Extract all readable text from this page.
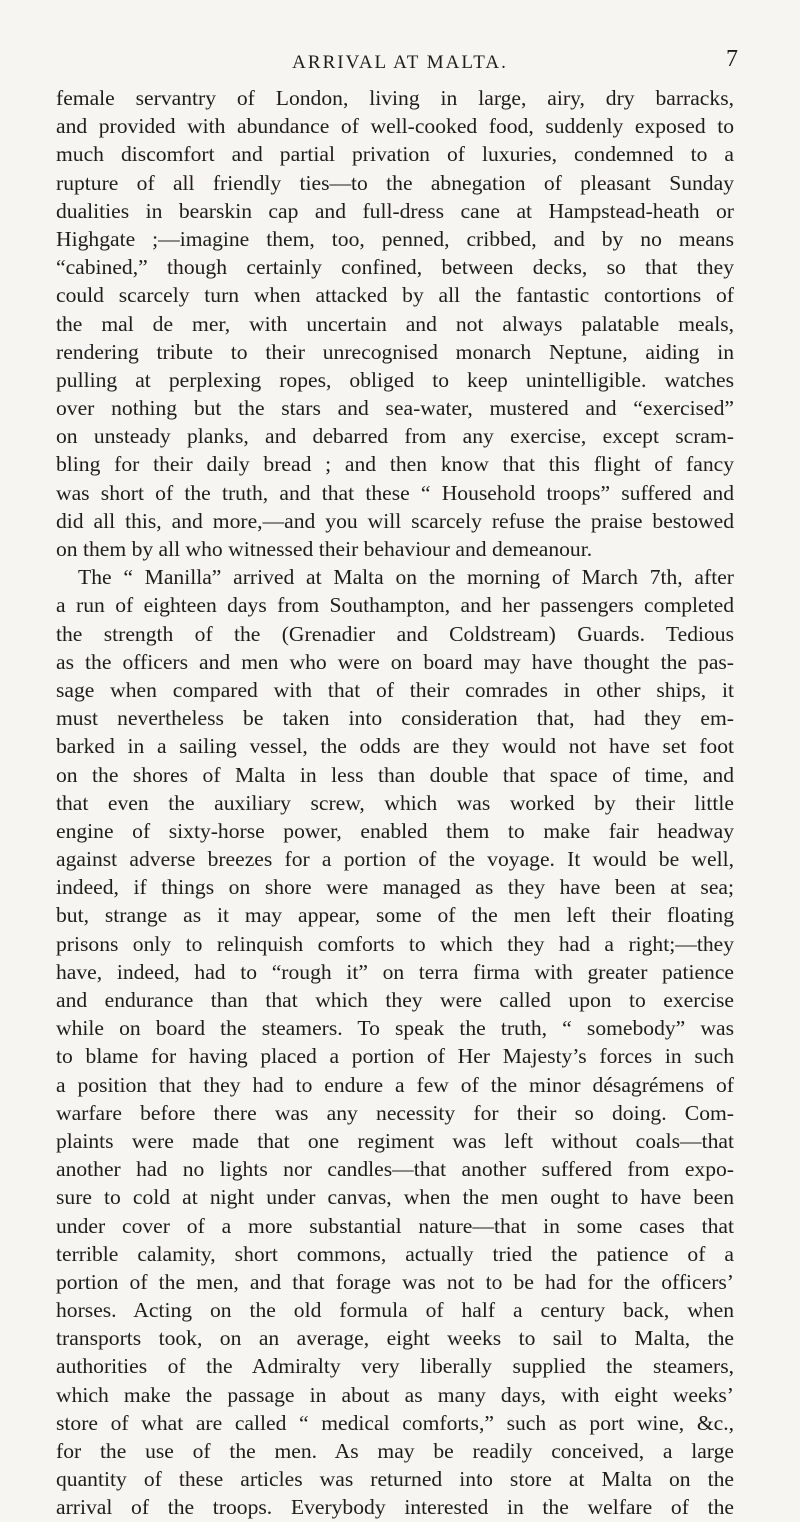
ARRIVAL AT MALTA.	7
female servantry of London, living in large, airy, dry barracks,
and provided with abundance of well-cooked food, suddenly exposed to
much discomfort and partial privation of luxuries, condemned to a
rupture of all friendly ties—to the abnegation of pleasant Sunday
dualities in bearskin cap and full-dress cane at Hampstead-heath or
Highgate ;—imagine them, too, penned, cribbed, and by no means
“cabined,” though certainly confined, between decks, so that they
could scarcely turn when attacked by all the fantastic contortions of
the mal de mer, with uncertain and not always palatable meals,
rendering tribute to their unrecognised monarch Neptune, aiding in
pulling at perplexing ropes, obliged to keep unintelligible. watches
over nothing but the stars and sea-water, mustered and “exercised”
on unsteady planks, and debarred from any exercise, except scram-
bling for their daily bread ; and then know that this flight of fancy
was short of the truth, and that these “ Household troops” suffered and
did all this, and more,—and you will scarcely refuse the praise bestowed
on them by all who witnessed their behaviour and demeanour.
The “ Manilla” arrived at Malta on the morning of March 7th, after
a run of eighteen days from Southampton, and her passengers completed
the strength of the (Grenadier and Coldstream) Guards. Tedious
as the officers and men who were on board may have thought the pas-
sage when compared with that of their comrades in other ships, it
must nevertheless be taken into consideration that, had they em-
barked in a sailing vessel, the odds are they would not have set foot
on the shores of Malta in less than double that space of time, and
that even the auxiliary screw, which was worked by their little
engine of sixty-horse power, enabled them to make fair headway
against adverse breezes for a portion of the voyage. It would be well,
indeed, if things on shore were managed as they have been at sea;
but, strange as it may appear, some of the men left their floating
prisons only to relinquish comforts to which they had a right;—they
have, indeed, had to “rough it” on terra firma with greater patience
and endurance than that which they were called upon to exercise
while on board the steamers. To speak the truth, “ somebody” was
to blame for having placed a portion of Her Majesty’s forces in such
a position that they had to endure a few of the minor désagrémens of
warfare before there was any necessity for their so doing. Com-
plaints were made that one regiment was left without coals—that
another had no lights nor candles—that another suffered from expo-
sure to cold at night under canvas, when the men ought to have been
under cover of a more substantial nature—that in some cases that
terrible calamity, short commons, actually tried the patience of a
portion of the men, and that forage was not to be had for the officers’
horses. Acting on the old formula of half a century back, when
transports took, on an average, eight weeks to sail to Malta, the
authorities of the Admiralty very liberally supplied the steamers,
which make the passage in about as many days, with eight weeks’
store of what are called “ medical comforts,” such as port wine, &c.,
for the use of the men. As may be readily conceived, a large
quantity of these articles was returned into store at Malta on the
arrival of the troops. Everybody interested in the welfare of the
